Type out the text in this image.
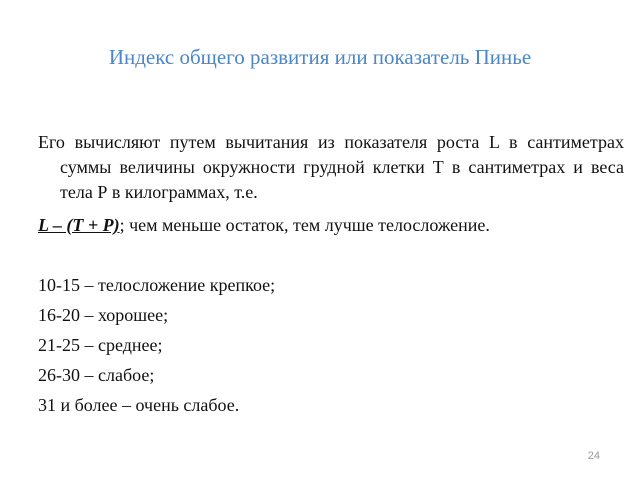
Индекс общего развития или показатель Пинье
Его вычисляют путем вычитания из показателя роста L в сантиметрах суммы величины окружности грудной клетки Т в сантиметрах и веса тела Р в килограммах, т.е.
L – (T + P); чем меньше остаток, тем лучше телосложение.
10-15 – телосложение крепкое;
16-20 – хорошее;
21-25 – среднее;
26-30 – слабое;
31 и более – очень слабое.
24
